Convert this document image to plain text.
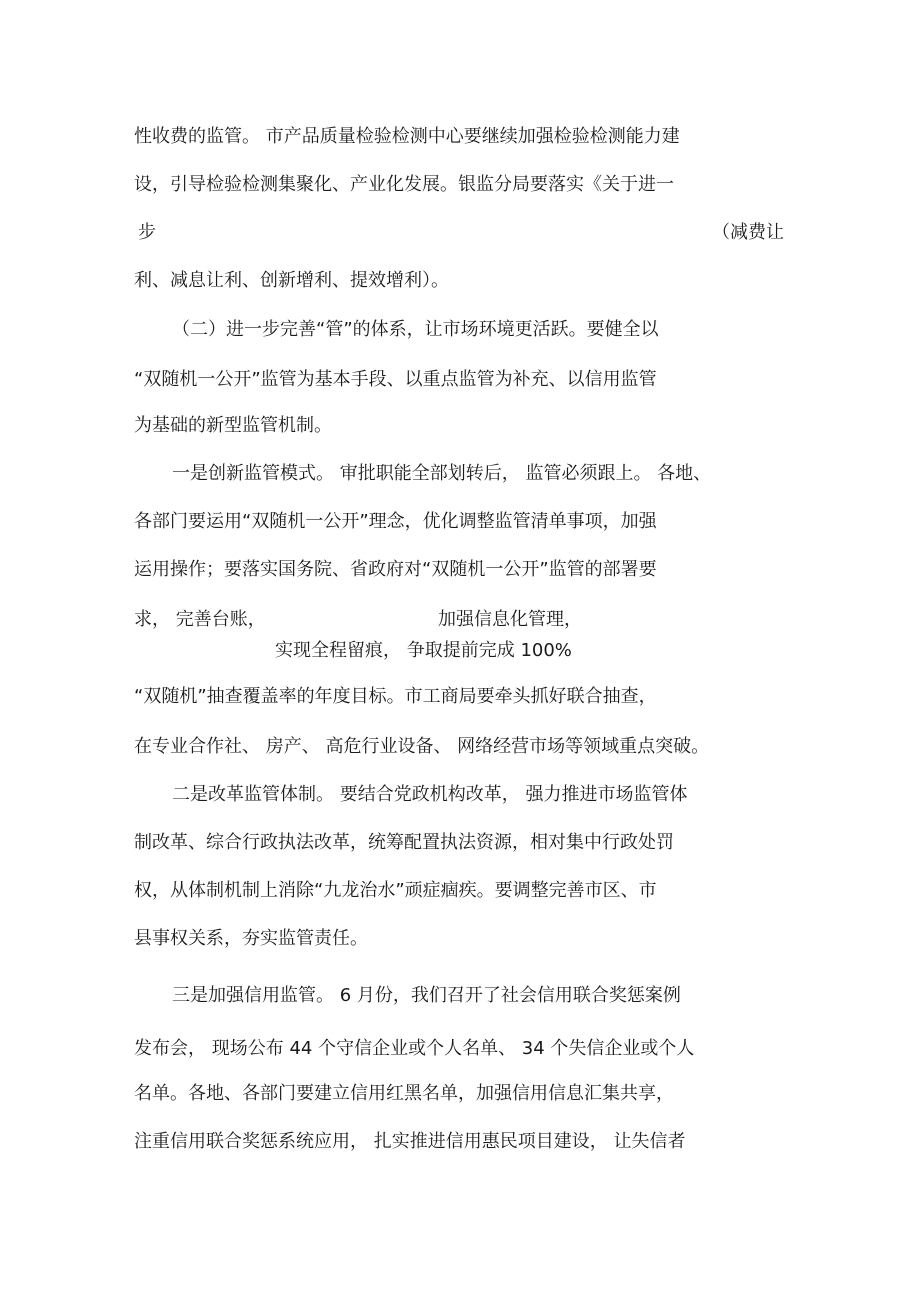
性收费的监管。 市产品质量检验检测中心要继续加强检验检测能力建
设，引导检验检测集聚化、产业化发展。银监分局要落实《关于进一
步	（减费让
利、减息让利、创新增利、提效增利）。
（二）进一步完善“管”的体系，让市场环境更活跃。要健全以
“双随机一公开”监管为基本手段、以重点监管为补充、以信用监管
为基础的新型监管机制。
一是创新监管模式。 审批职能全部划转后， 监管必须跟上。 各地、
各部门要运用“双随机一公开”理念，优化调整监管清单事项，加强
运用操作；要落实国务院、省政府对“双随机一公开”监管的部署要
求， 完善台账，	加强信息化管理，
实现全程留痕， 争取提前完成 100%
“双随机”抽查覆盖率的年度目标。市工商局要牵头抓好联合抽查，
在专业合作社、 房产、 高危行业设备、 网络经营市场等领域重点突破。
二是改革监管体制。 要结合党政机构改革， 强力推进市场监管体
制改革、综合行政执法改革，统筹配置执法资源，相对集中行政处罚
权，从体制机制上消除“九龙治水”顽症痼疾。要调整完善市区、市
县事权关系，夯实监管责任。
三是加强信用监管。 6 月份，我们召开了社会信用联合奖惩案例
发布会， 现场公布 44 个守信企业或个人名单、 34 个失信企业或个人
名单。各地、各部门要建立信用红黑名单，加强信用信息汇集共享，
注重信用联合奖惩系统应用， 扎实推进信用惠民项目建设， 让失信者
